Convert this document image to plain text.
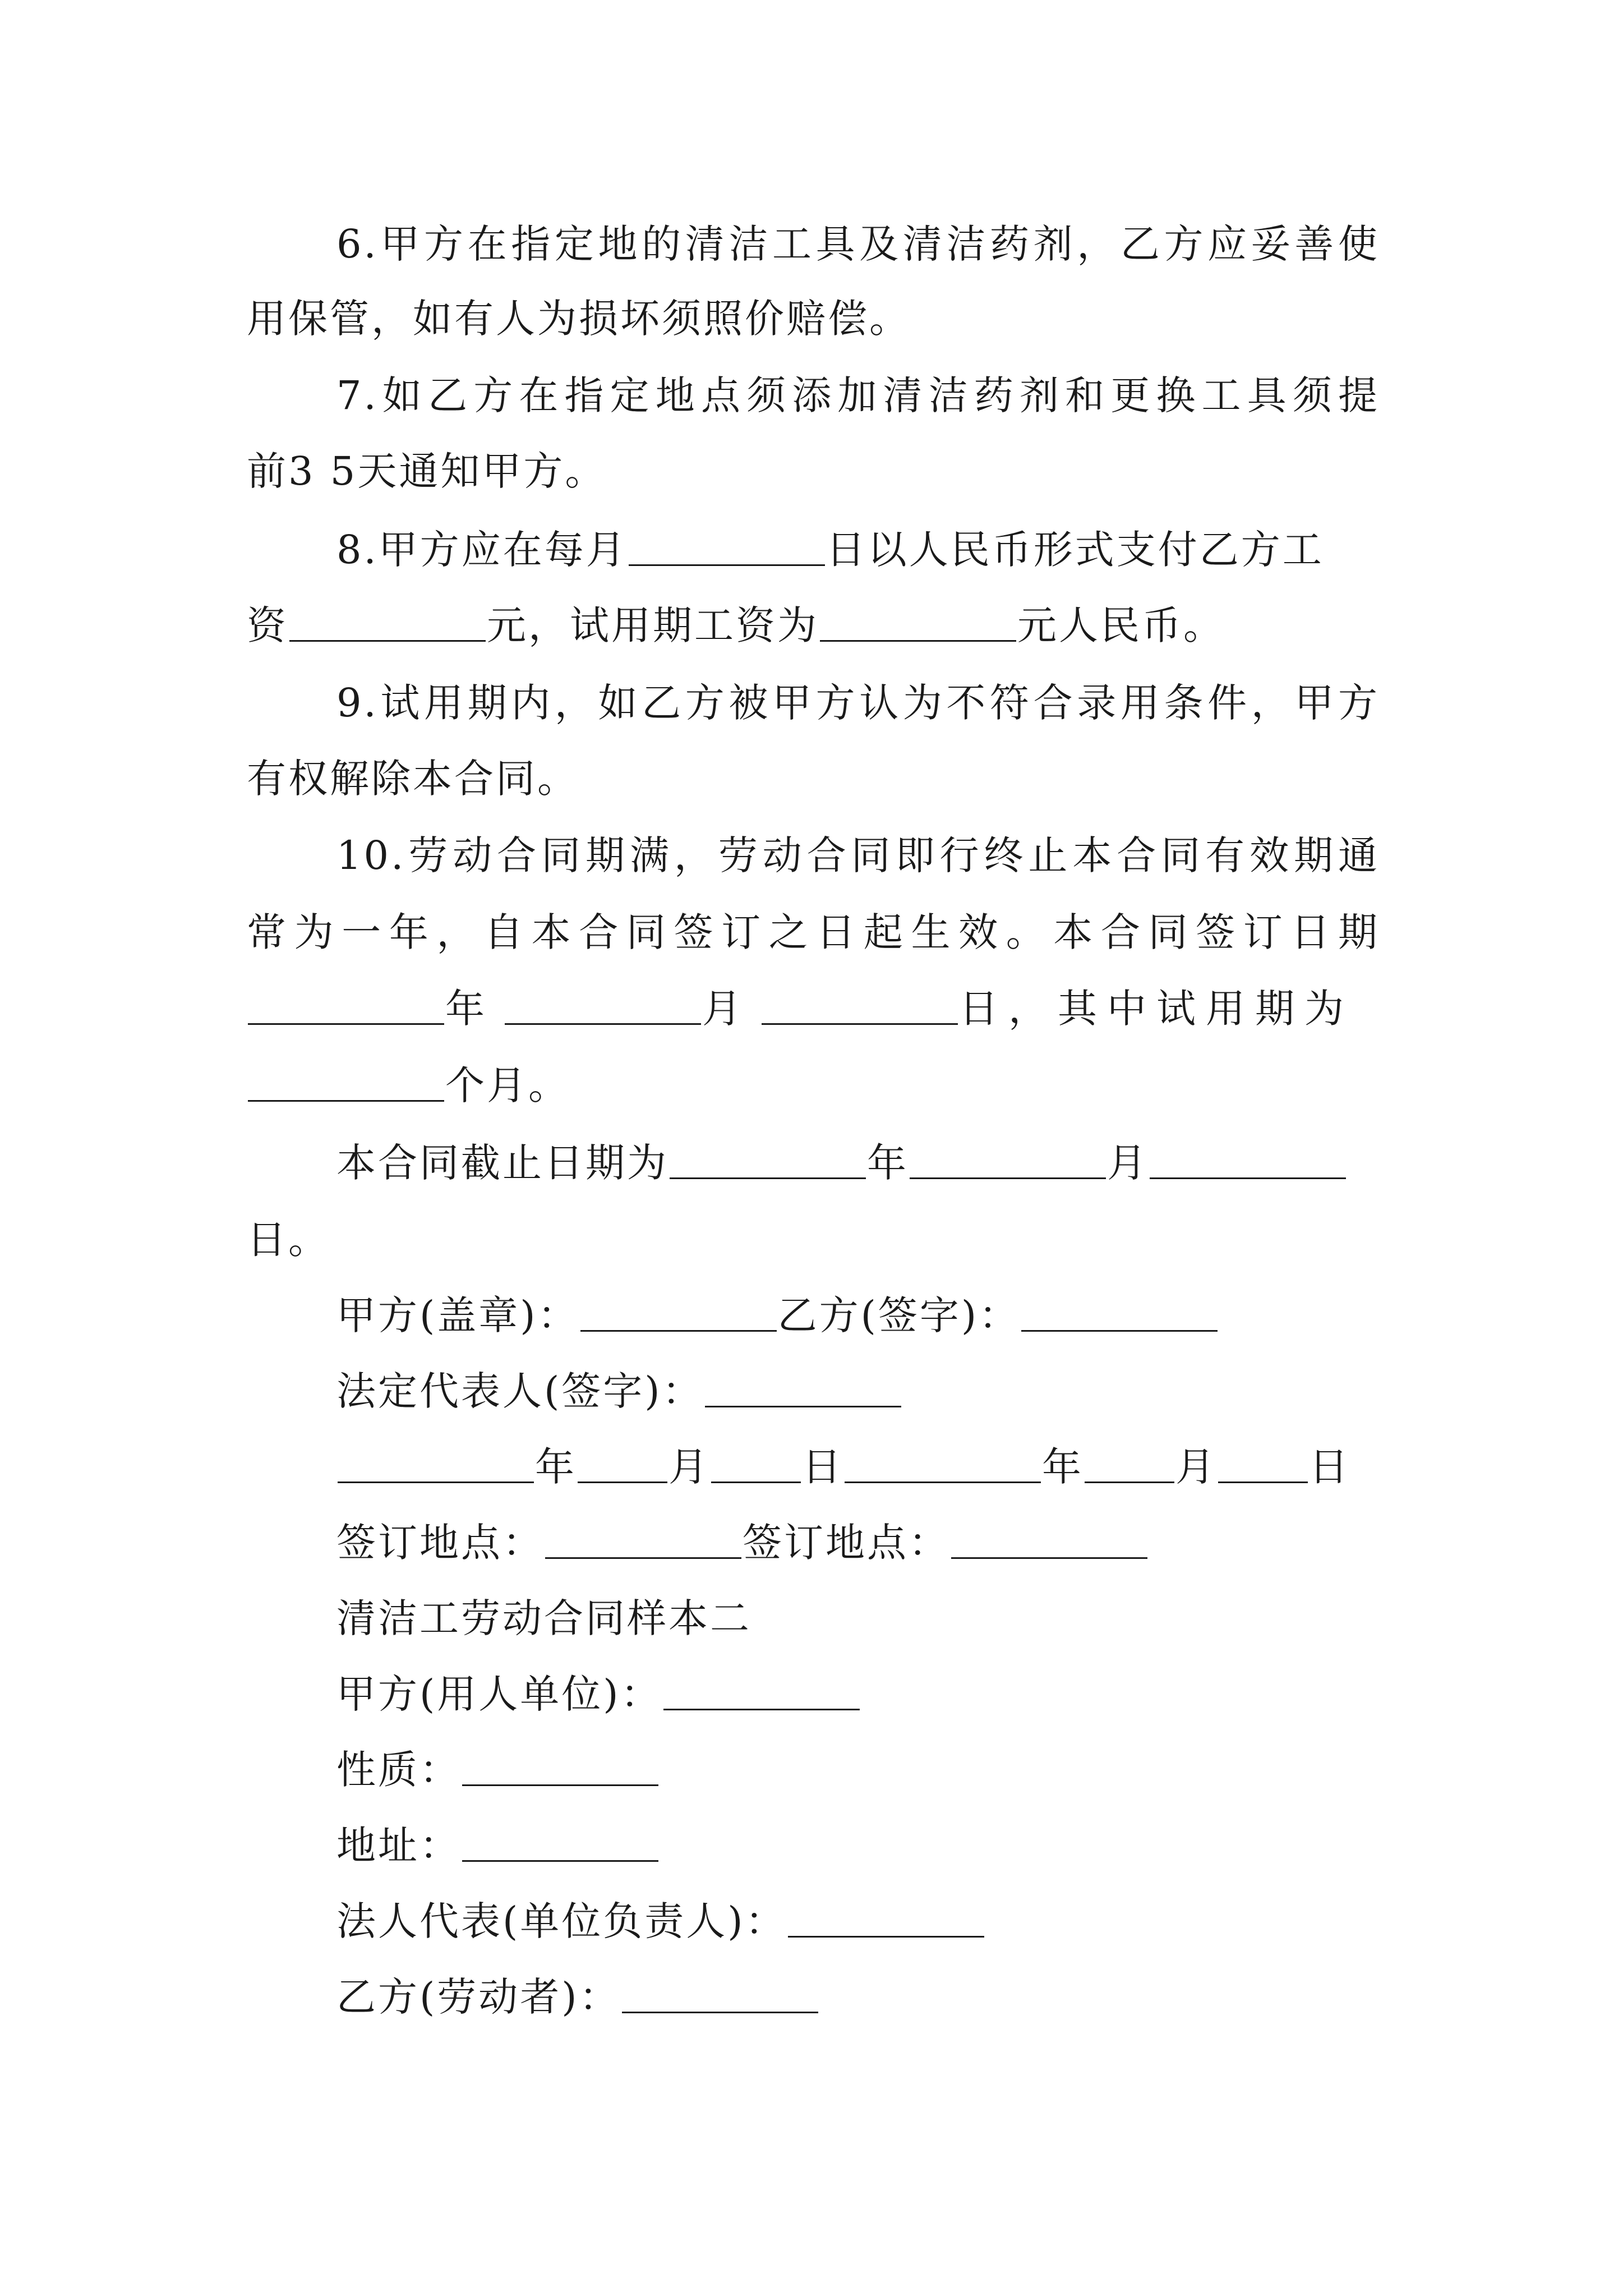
6.甲方在指定地的清洁工具及清洁药剂，乙方应妥善使
用保管，如有人为损坏须照价赔偿。
7.如乙方在指定地点须添加清洁药剂和更换工具须提
前3 5天通知甲方。
8.甲方应在每月	日以人民币形式支付乙方工
资	元，试用期工资为	元人民币。
9.试用期内，如乙方被甲方认为不符合录用条件，甲方
有权解除本合同。
10.劳动合同期满，劳动合同即行终止本合同有效期通
常为一年，自本合同签订之日起生效。本合同签订日期
年	月	日，其中试用期为
个月。
本合同截止日期为	年	月
日。
甲方(盖章)：	乙方(签字)：
法定代表人(签字)：
年 月 日	年 月 日
签订地点：	签订地点：
清洁工劳动合同样本二
甲方(用人单位)：
性质：
地址：
法人代表(单位负责人)：
乙方(劳动者)：
